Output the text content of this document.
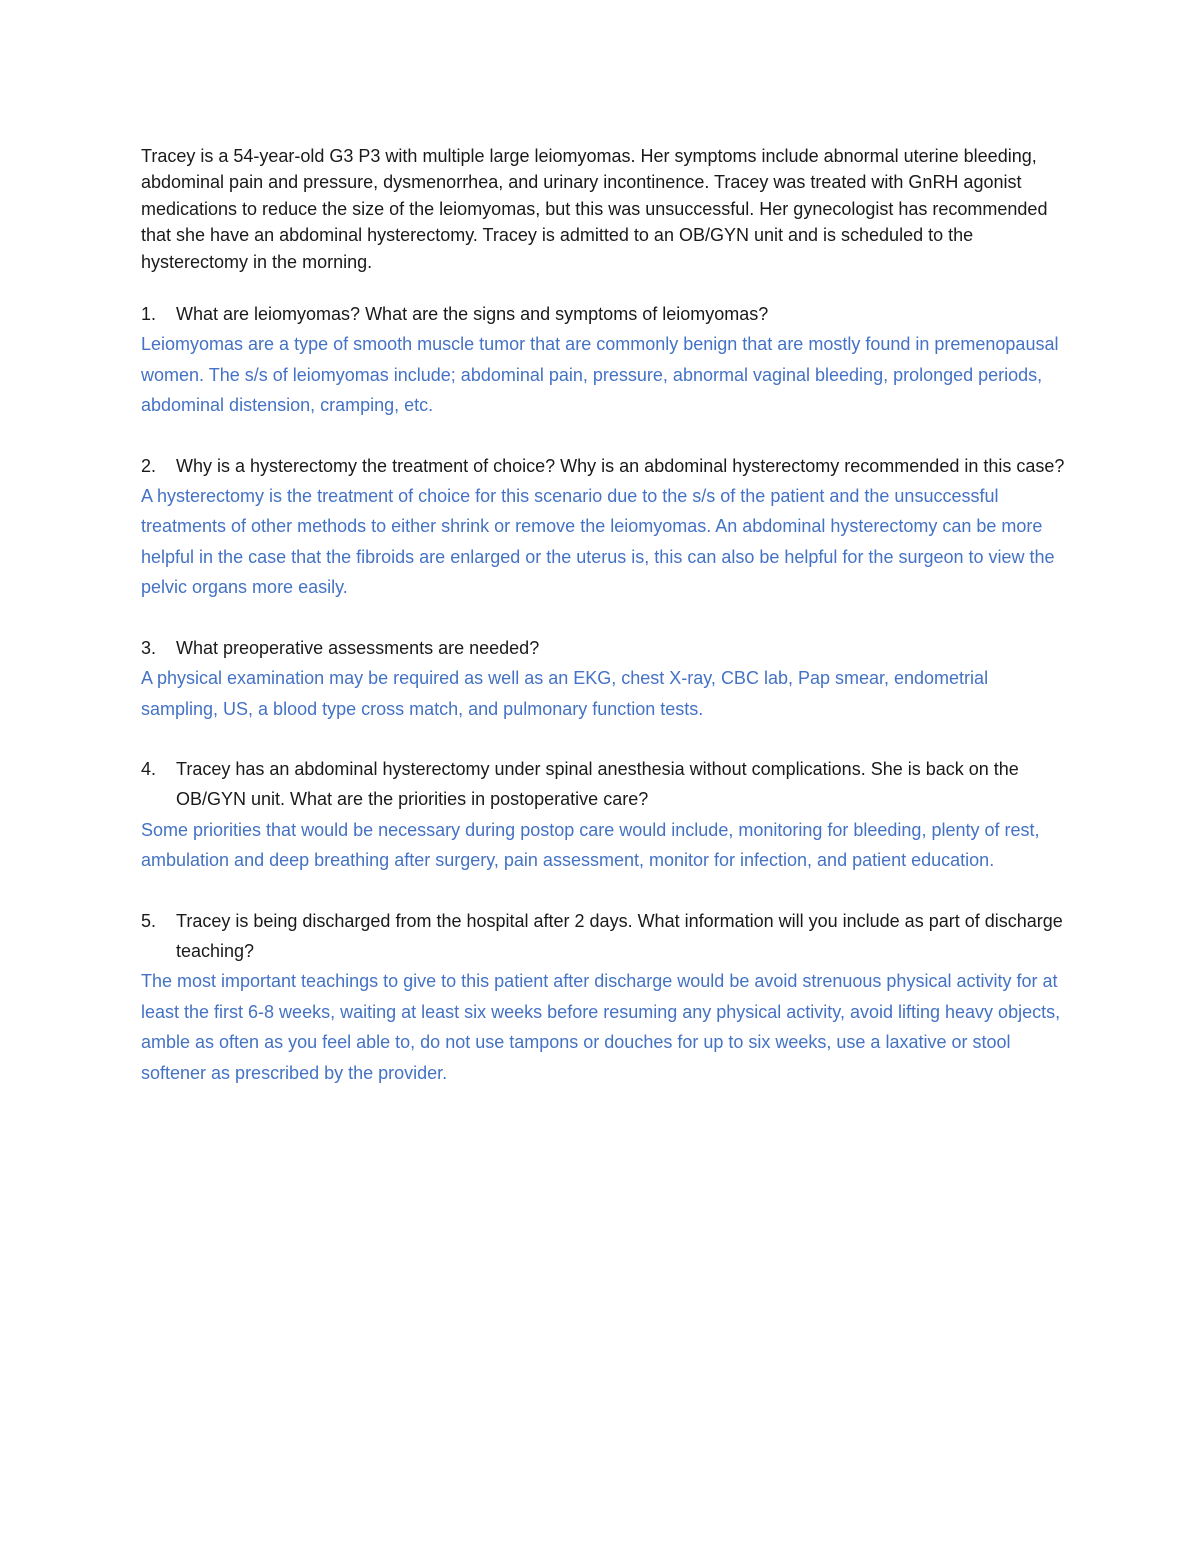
Tracey is a 54-year-old G3 P3 with multiple large leiomyomas. Her symptoms include abnormal uterine bleeding, abdominal pain and pressure, dysmenorrhea, and urinary incontinence. Tracey was treated with GnRH agonist medications to reduce the size of the leiomyomas, but this was unsuccessful. Her gynecologist has recommended that she have an abdominal hysterectomy. Tracey is admitted to an OB/GYN unit and is scheduled to the hysterectomy in the morning.

1.	What are leiomyomas? What are the signs and symptoms of leiomyomas?

Leiomyomas are a type of smooth muscle tumor that are commonly benign that are mostly found in premenopausal women. The s/s of leiomyomas include; abdominal pain, pressure, abnormal vaginal bleeding, prolonged periods, abdominal distension, cramping, etc.

2.	Why is a hysterectomy the treatment of choice? Why is an abdominal hysterectomy recommended in this case?

A hysterectomy is the treatment of choice for this scenario due to the s/s of the patient and the unsuccessful treatments of other methods to either shrink or remove the leiomyomas. An abdominal hysterectomy can be more helpful in the case that the fibroids are enlarged or the uterus is, this can also be helpful for the surgeon to view the pelvic organs more easily.

3.	What preoperative assessments are needed?

A physical examination may be required as well as an EKG, chest X-ray, CBC lab, Pap smear, endometrial sampling, US, a blood type cross match, and pulmonary function tests.

4.	Tracey has an abdominal hysterectomy under spinal anesthesia without complications. She is back on the OB/GYN unit. What are the priorities in postoperative care?

Some priorities that would be necessary during postop care would include, monitoring for bleeding, plenty of rest, ambulation and deep breathing after surgery, pain assessment, monitor for infection, and patient education.

5.	Tracey is being discharged from the hospital after 2 days. What information will you include as part of discharge teaching?

The most important teachings to give to this patient after discharge would be avoid strenuous physical activity for at least the first 6-8 weeks, waiting at least six weeks before resuming any physical activity, avoid lifting heavy objects, amble as often as you feel able to, do not use tampons or douches for up to six weeks, use a laxative or stool softener as prescribed by the provider.
